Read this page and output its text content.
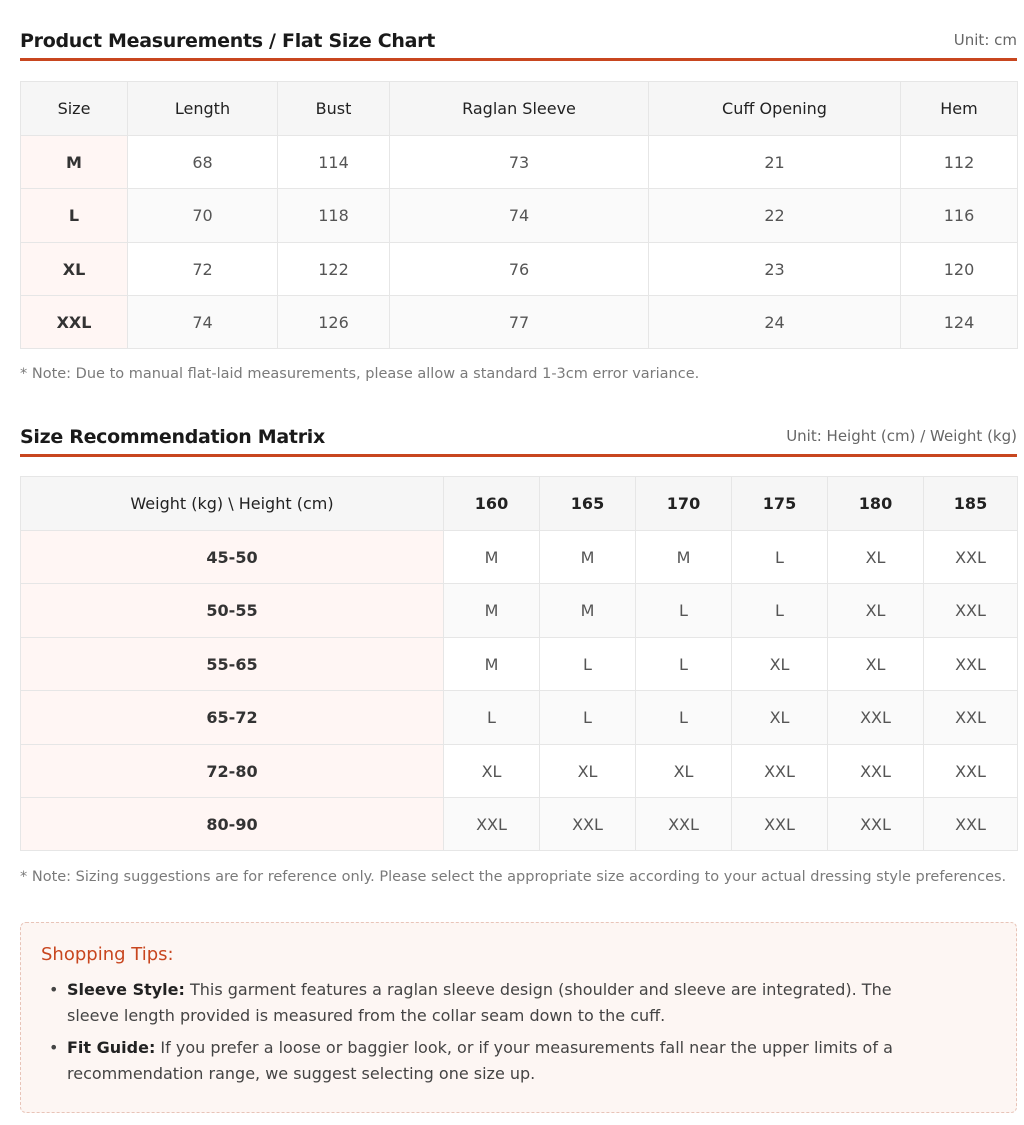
Product Measurements / Flat Size Chart	Unit: cm
Size	Length	Bust	Raglan Sleeve	Cuff Opening	Hem
M	68	114	73	21	112
L	70	118	74	22	116
XL	72	122	76	23	120
XXL	74	126	77	24	124
* Note: Due to manual flat-laid measurements, please allow a standard 1-3cm error variance.
Size Recommendation Matrix	Unit: Height (cm) / Weight (kg)
Weight (kg) \ Height (cm)	160	165	170	175	180	185
45-50	M	M	M	L	XL	XXL
50-55	M	M	L	L	XL	XXL
55-65	M	L	L	XL	XL	XXL
65-72	L	L	L	XL	XXL	XXL
72-80	XL	XL	XL	XXL	XXL	XXL
80-90	XXL	XXL	XXL	XXL	XXL	XXL
* Note: Sizing suggestions are for reference only. Please select the appropriate size according to your actual dressing style preferences.
Shopping Tips:
• Sleeve Style: This garment features a raglan sleeve design (shoulder and sleeve are integrated). The sleeve length provided is measured from the collar seam down to the cuff.
• Fit Guide: If you prefer a loose or baggier look, or if your measurements fall near the upper limits of a recommendation range, we suggest selecting one size up.
